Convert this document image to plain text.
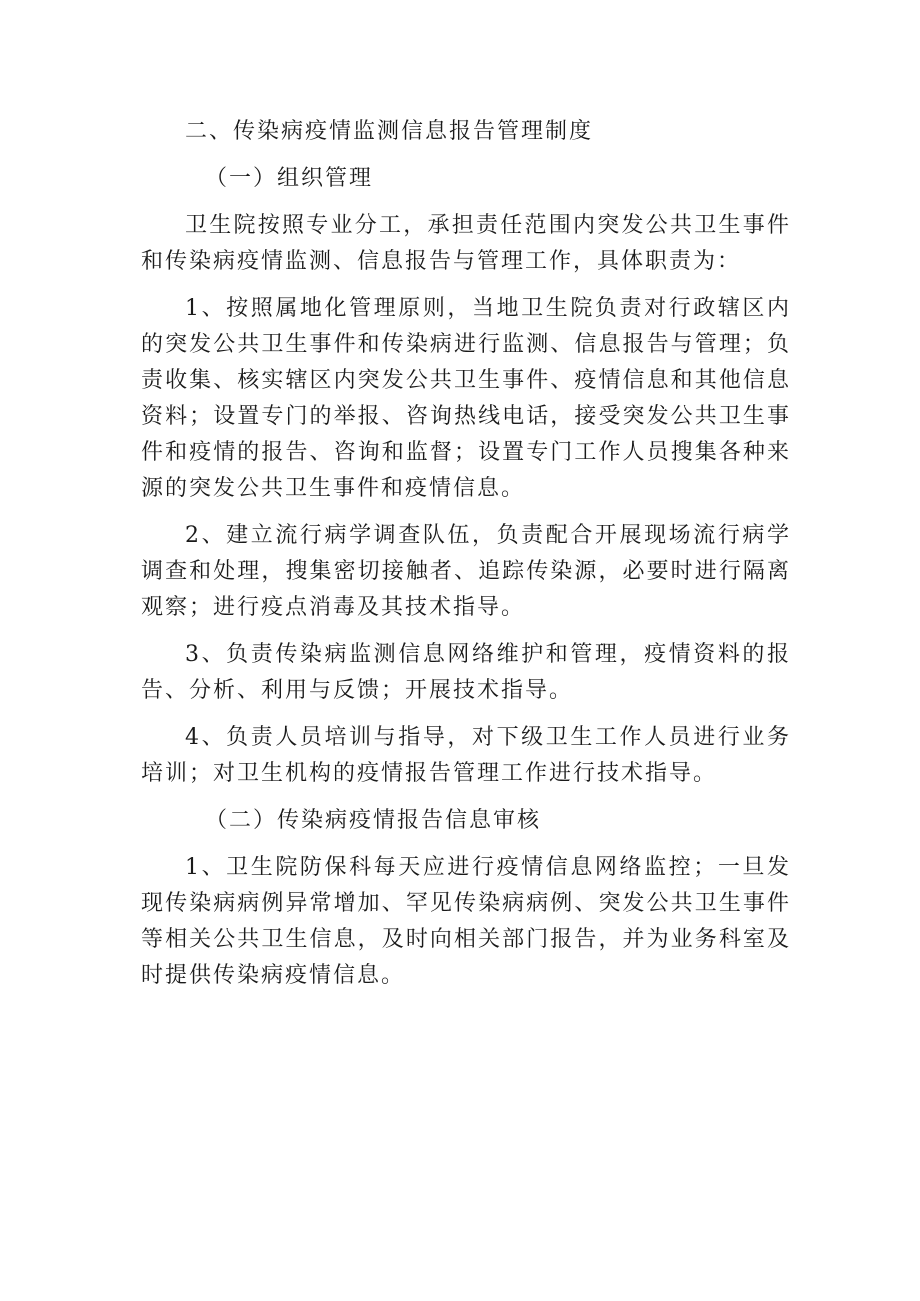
二、传染病疫情监测信息报告管理制度

（一）组织管理

卫生院按照专业分工，承担责任范围内突发公共卫生事件和传染病疫情监测、信息报告与管理工作，具体职责为：

1、按照属地化管理原则，当地卫生院负责对行政辖区内的突发公共卫生事件和传染病进行监测、信息报告与管理；负责收集、核实辖区内突发公共卫生事件、疫情信息和其他信息资料；设置专门的举报、咨询热线电话，接受突发公共卫生事件和疫情的报告、咨询和监督；设置专门工作人员搜集各种来源的突发公共卫生事件和疫情信息。

2、建立流行病学调查队伍，负责配合开展现场流行病学调查和处理，搜集密切接触者、追踪传染源，必要时进行隔离观察；进行疫点消毒及其技术指导。

3、负责传染病监测信息网络维护和管理，疫情资料的报告、分析、利用与反馈；开展技术指导。

4、负责人员培训与指导，对下级卫生工作人员进行业务培训；对卫生机构的疫情报告管理工作进行技术指导。

（二）传染病疫情报告信息审核

1、卫生院防保科每天应进行疫情信息网络监控；一旦发现传染病病例异常增加、罕见传染病病例、突发公共卫生事件等相关公共卫生信息，及时向相关部门报告，并为业务科室及时提供传染病疫情信息。
